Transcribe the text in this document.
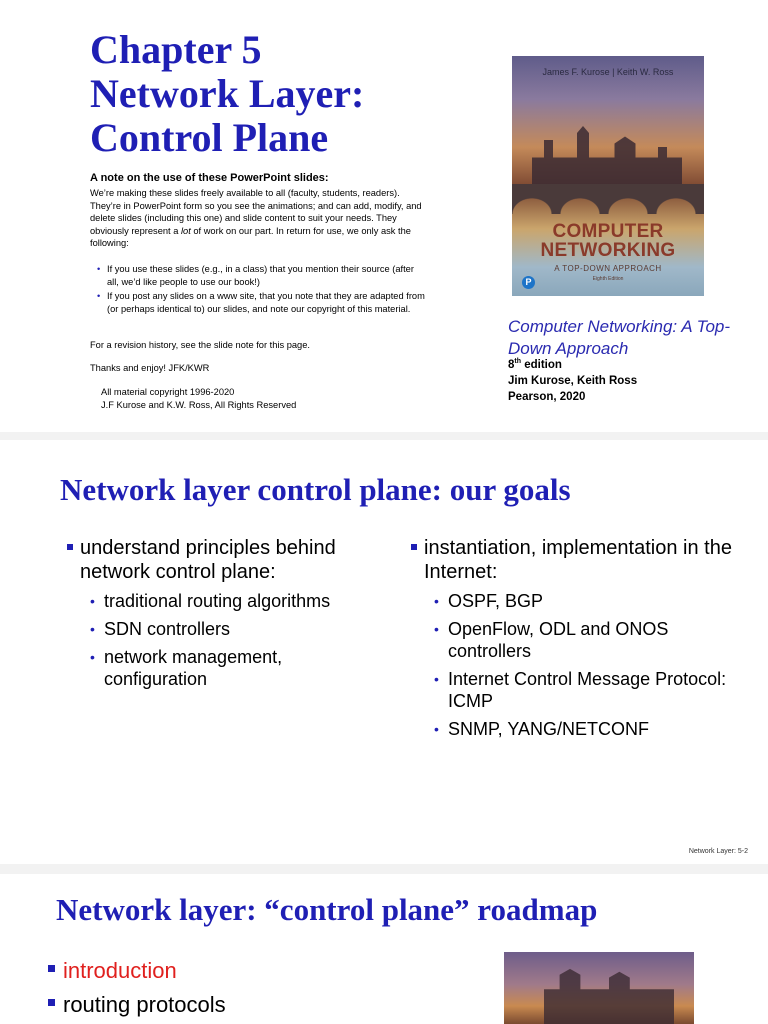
Chapter 5
Network Layer:
Control Plane
A note on the use of these PowerPoint slides:
We’re making these slides freely available to all (faculty, students, readers). They’re in PowerPoint form so you see the animations; and can add, modify, and delete slides (including this one) and slide content to suit your needs. They obviously represent a lot of work on our part. In return for use, we only ask the following:
• If you use these slides (e.g., in a class) that you mention their source (after all, we’d like people to use our book!)
• If you post any slides on a www site, that you note that they are adapted from (or perhaps identical to) our slides, and note our copyright of this material.
For a revision history, see the slide note for this page.
Thanks and enjoy! JFK/KWR
All material copyright 1996-2020
J.F Kurose and K.W. Ross, All Rights Reserved
James F. Kurose | Keith W. Ross
COMPUTER
NETWORKING
A TOP-DOWN APPROACH
Eighth Edition
P
Computer Networking: A Top-Down Approach
8th edition
Jim Kurose, Keith Ross
Pearson, 2020
Network layer control plane: our goals
understand principles behind network control plane:
• traditional routing algorithms
• SDN controllers
• network management, configuration
instantiation, implementation in the Internet:
• OSPF, BGP
• OpenFlow, ODL and ONOS controllers
• Internet Control Message Protocol: ICMP
• SNMP, YANG/NETCONF
Network Layer: 5-2
Network layer: “control plane” roadmap
introduction
routing protocols
